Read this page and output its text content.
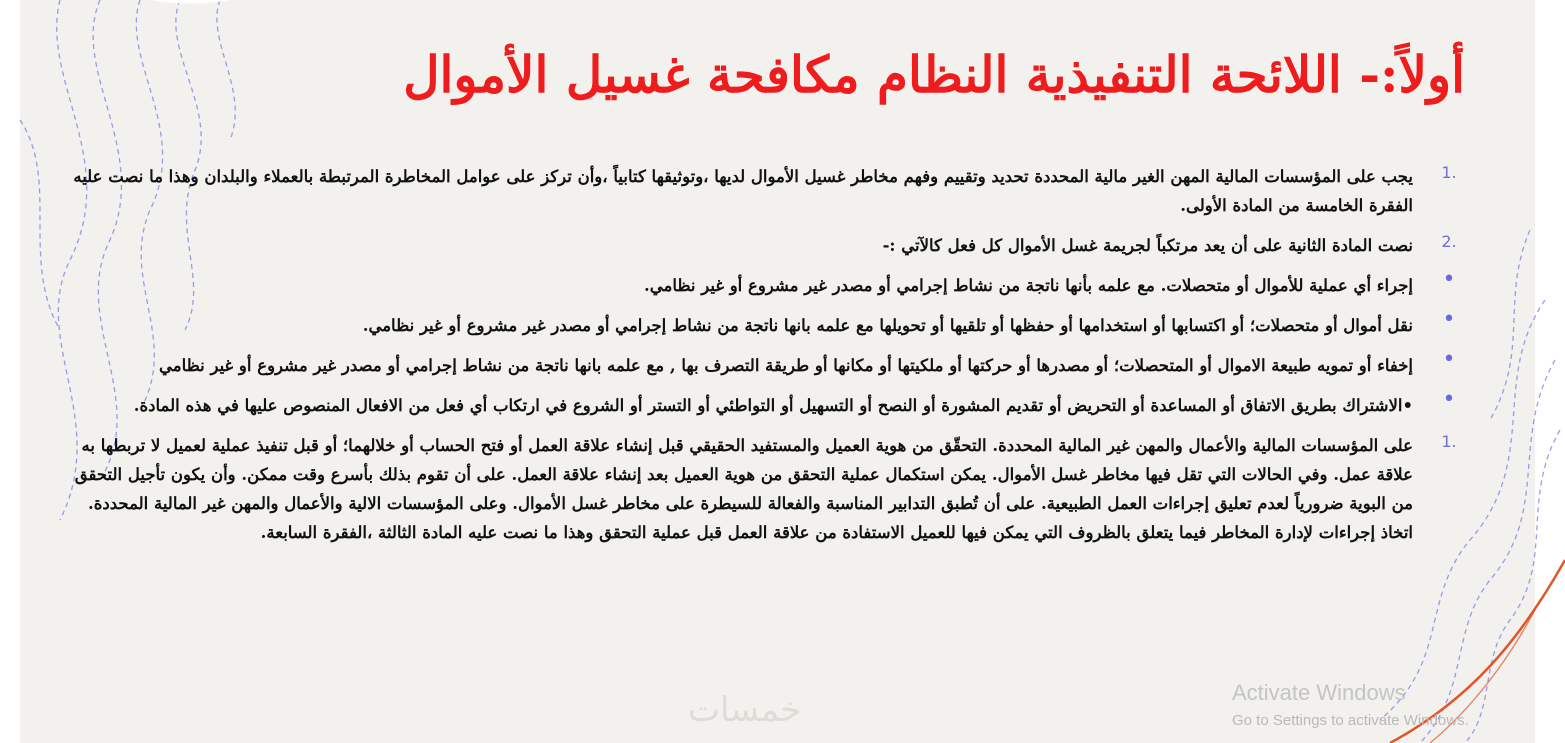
أولاً:- اللائحة التنفيذية النظام مكافحة غسيل الأموال
1.
يجب على المؤسسات المالية المهن الغير مالية المحددة تحديد وتقييم وفهم مخاطر غسيل الأموال لديها ،وتوثيقها كتابياً ،وأن تركز على عوامل المخاطرة المرتبطة بالعملاء والبلدان وهذا ما نصت عليه الفقرة الخامسة من المادة الأولى.
2.
نصت المادة الثانية على أن يعد مرتكباً لجريمة غسل الأموال كل فعل كالآتي :-
•
إجراء أي عملية للأموال أو متحصلات. مع علمه بأنها ناتجة من نشاط إجرامي أو مصدر غير مشروع أو غير نظامي.
•
نقل أموال أو متحصلات؛ أو اكتسابها أو استخدامها أو حفظها أو تلقيها أو تحويلها مع علمه بانها ناتجة من نشاط إجرامي أو مصدر غير مشروع أو غير نظامي.
•
إخفاء أو تمويه طبيعة الاموال أو المتحصلات؛ أو مصدرها أو حركتها أو ملكيتها أو مكانها أو طريقة التصرف بها , مع علمه بانها ناتجة من نشاط إجرامي أو مصدر غير مشروع أو غير نظامي
•
•الاشتراك بطريق الاتفاق أو المساعدة أو التحريض أو تقديم المشورة أو النصح أو التسهيل أو التواطئي أو التستر أو الشروع في ارتكاب أي فعل من الافعال المنصوص عليها في هذه المادة.
1.
على المؤسسات المالية والأعمال والمهن غير المالية المحددة. التحقّق من هوية العميل والمستفيد الحقيقي قبل إنشاء علاقة العمل أو فتح الحساب أو خلالهما؛ أو قبل تنفيذ عملية لعميل لا تربطها به علاقة عمل. وفي الحالات التي تقل فيها مخاطر غسل الأموال. يمكن استكمال عملية التحقق من هوية العميل بعد إنشاء علاقة العمل. على أن تقوم بذلك بأسرع وقت ممكن. وأن يكون تأجيل التحقق من البوية ضرورياً لعدم تعليق إجراءات العمل الطبيعية. على أن تُطبق التدابير المناسبة والفعالة للسيطرة على مخاطر غسل الأموال. وعلى المؤسسات الالية والأعمال والمهن غير المالية المحددة. اتخاذ إجراءات لإدارة المخاطر فيما يتعلق بالظروف التي يمكن فيها للعميل الاستفادة من علاقة العمل قبل عملية التحقق وهذا ما نصت عليه المادة الثالثة ،الفقرة السابعة.
خمسات	Activate Windows
Go to Settings to activate Windows.
